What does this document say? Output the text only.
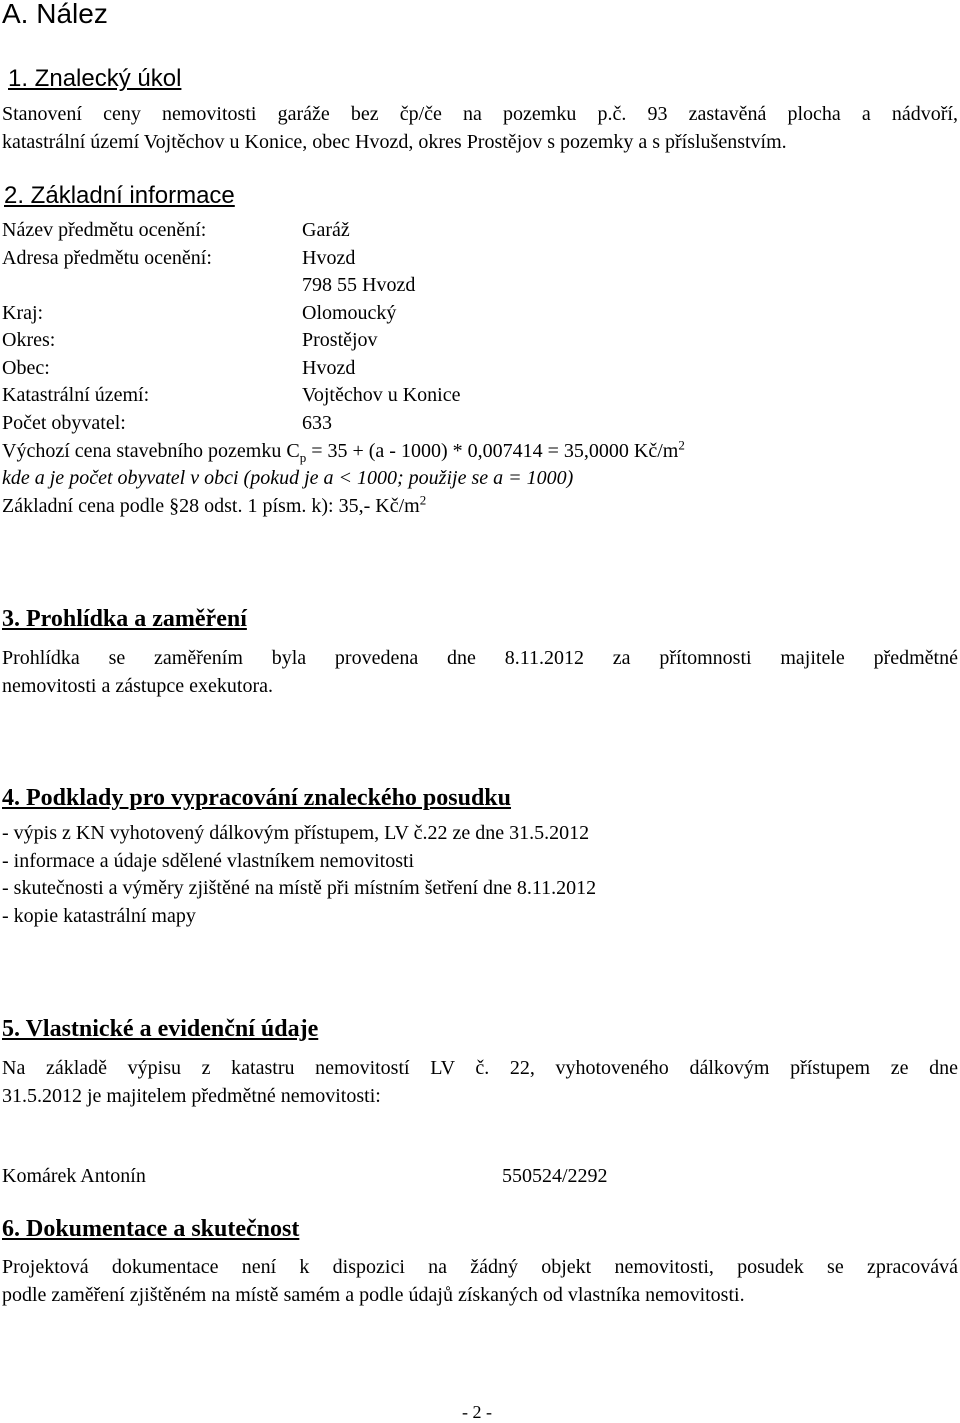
A. Nález
1. Znalecký úkol
Stanovení ceny nemovitosti garáže bez čp/če na pozemku p.č. 93 zastavěná plocha a nádvoří,
katastrální území Vojtěchov u Konice, obec Hvozd, okres Prostějov s pozemky a s příslušenstvím.
2. Základní informace
Název předmětu ocenění:	Garáž
Adresa předmětu ocenění:	Hvozd
798 55 Hvozd
Kraj:	Olomoucký
Okres:	Prostějov
Obec:	Hvozd
Katastrální území:	Vojtěchov u Konice
Počet obyvatel:	633
Výchozí cena stavebního pozemku $C_p = 35 + (a - 1000) * 0,007414 = 35,0000$ $Kč/m^2$
kde a je počet obyvatel v obci (pokud je a < 1000; použije se a = 1000)
Základní cena podle §28 odst. 1 písm. k): 35,- $Kč/m^2$
3. Prohlídka a zaměření
Prohlídka se zaměřením byla provedena dne 8.11.2012 za přítomnosti majitele předmětné
nemovitosti a zástupce exekutora.
4. Podklady pro vypracování znaleckého posudku
- výpis z KN vyhotovený dálkovým přístupem, LV č.22 ze dne 31.5.2012
- informace a údaje sdělené vlastníkem nemovitosti
- skutečnosti a výměry zjištěné na místě při místním šetření dne 8.11.2012
- kopie katastrální mapy
5. Vlastnické a evidenční údaje
Na základě výpisu z katastru nemovitostí LV č. 22, vyhotoveného dálkovým přístupem ze dne
31.5.2012 je majitelem předmětné nemovitosti:
Komárek Antonín	550524/2292
6. Dokumentace a skutečnost
Projektová dokumentace není k dispozici na žádný objekt nemovitosti, posudek se zpracovává
podle zaměření zjištěném na místě samém a podle údajů získaných od vlastníka nemovitosti.
- 2 -
